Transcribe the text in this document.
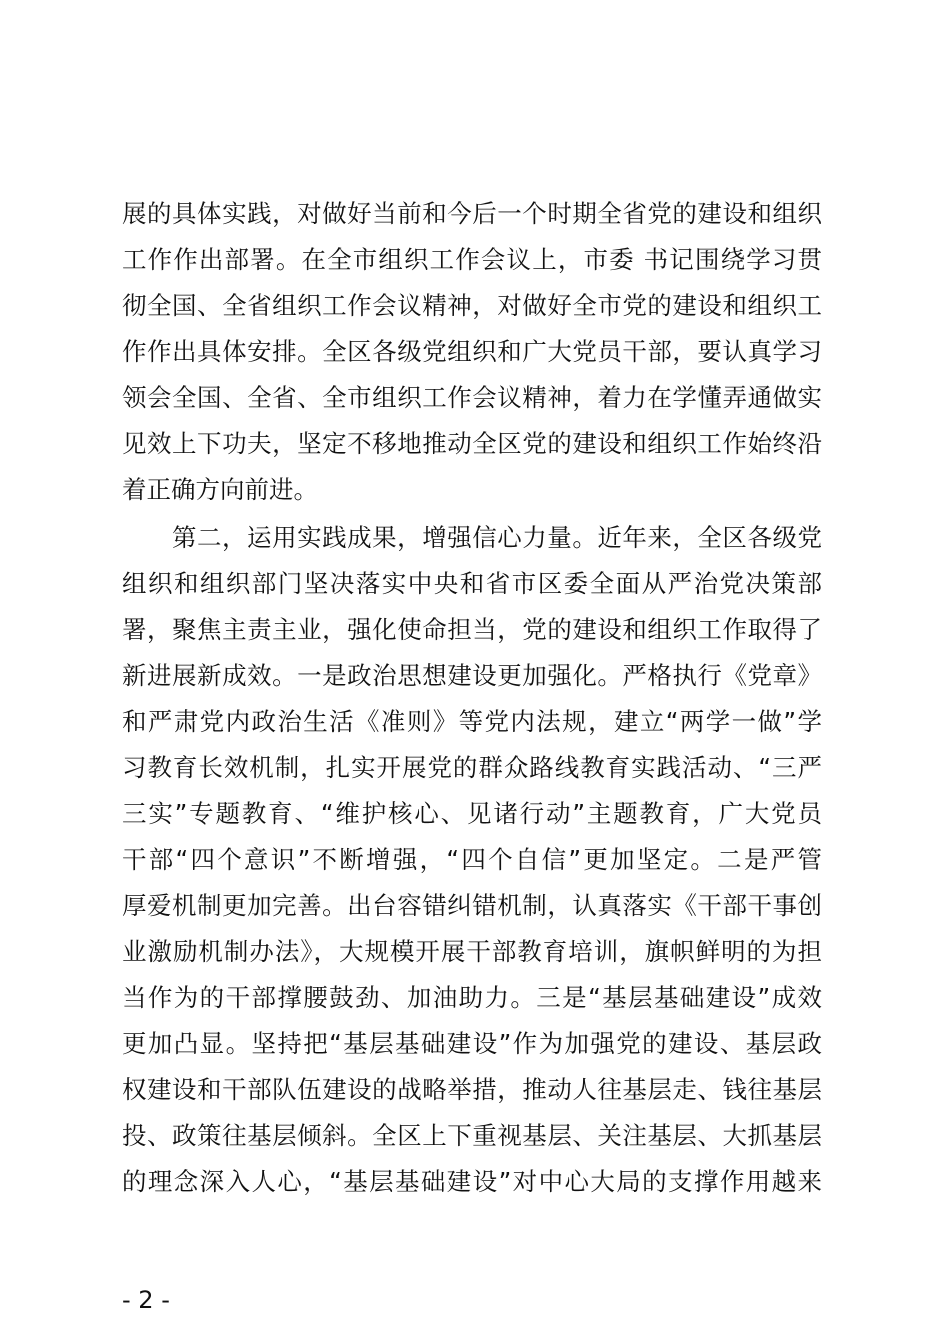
展的具体实践，对做好当前和今后一个时期全省党的建设和组织
工作作出部署。在全市组织工作会议上，市委 书记围绕学习贯
彻全国、全省组织工作会议精神，对做好全市党的建设和组织工
作作出具体安排。全区各级党组织和广大党员干部，要认真学习
领会全国、全省、全市组织工作会议精神，着力在学懂弄通做实
见效上下功夫，坚定不移地推动全区党的建设和组织工作始终沿
着正确方向前进。
第二，运用实践成果，增强信心力量。近年来，全区各级党
组织和组织部门坚决落实中央和省市区委全面从严治党决策部
署，聚焦主责主业，强化使命担当，党的建设和组织工作取得了
新进展新成效。一是政治思想建设更加强化。严格执行《党章》
和严肃党内政治生活《准则》等党内法规，建立“两学一做”学
习教育长效机制，扎实开展党的群众路线教育实践活动、“三严
三实”专题教育、“维护核心、见诸行动”主题教育，广大党员
干部“四个意识”不断增强，“四个自信”更加坚定。二是严管
厚爱机制更加完善。出台容错纠错机制，认真落实《干部干事创
业激励机制办法》，大规模开展干部教育培训，旗帜鲜明的为担
当作为的干部撑腰鼓劲、加油助力。三是“基层基础建设”成效
更加凸显。坚持把“基层基础建设”作为加强党的建设、基层政
权建设和干部队伍建设的战略举措，推动人往基层走、钱往基层
投、政策往基层倾斜。全区上下重视基层、关注基层、大抓基层
的理念深入人心，“基层基础建设”对中心大局的支撑作用越来
- 2 -
